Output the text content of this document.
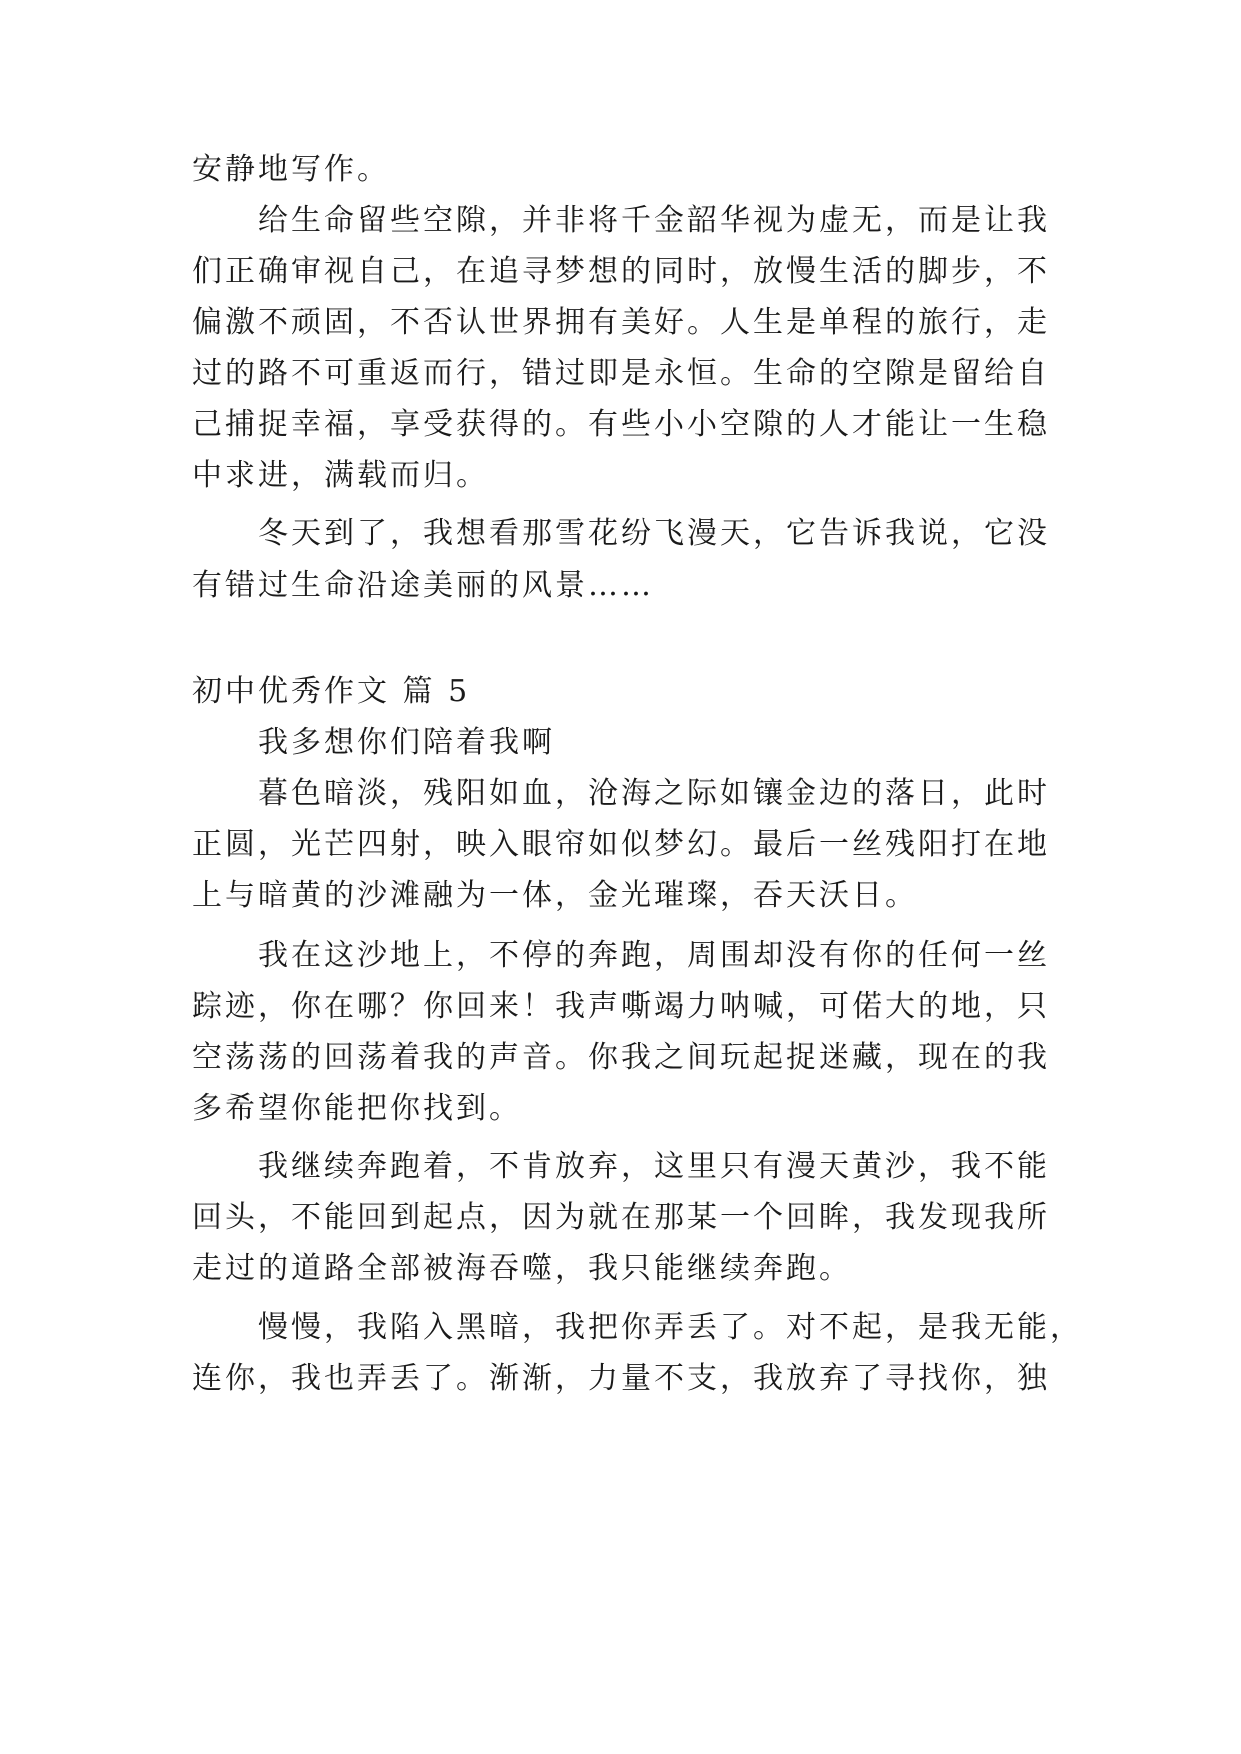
安静地写作。
给生命留些空隙，并非将千金韶华视为虚无，而是让我
们正确审视自己，在追寻梦想的同时，放慢生活的脚步，不
偏激不顽固，不否认世界拥有美好。人生是单程的旅行，走
过的路不可重返而行，错过即是永恒。生命的空隙是留给自
己捕捉幸福，享受获得的。有些小小空隙的人才能让一生稳
中求进，满载而归。
冬天到了，我想看那雪花纷飞漫天，它告诉我说，它没
有错过生命沿途美丽的风景……
初中优秀作文 篇 5
我多想你们陪着我啊
暮色暗淡，残阳如血，沧海之际如镶金边的落日，此时
正圆，光芒四射，映入眼帘如似梦幻。最后一丝残阳打在地
上与暗黄的沙滩融为一体，金光璀璨，吞天沃日。
我在这沙地上，不停的奔跑，周围却没有你的任何一丝
踪迹，你在哪？你回来！我声嘶竭力呐喊，可偌大的地，只
空荡荡的回荡着我的声音。你我之间玩起捉迷藏，现在的我
多希望你能把你找到。
我继续奔跑着，不肯放弃，这里只有漫天黄沙，我不能
回头，不能回到起点，因为就在那某一个回眸，我发现我所
走过的道路全部被海吞噬，我只能继续奔跑。
慢慢，我陷入黑暗，我把你弄丢了。对不起，是我无能，
连你，我也弄丢了。渐渐，力量不支，我放弃了寻找你，独
